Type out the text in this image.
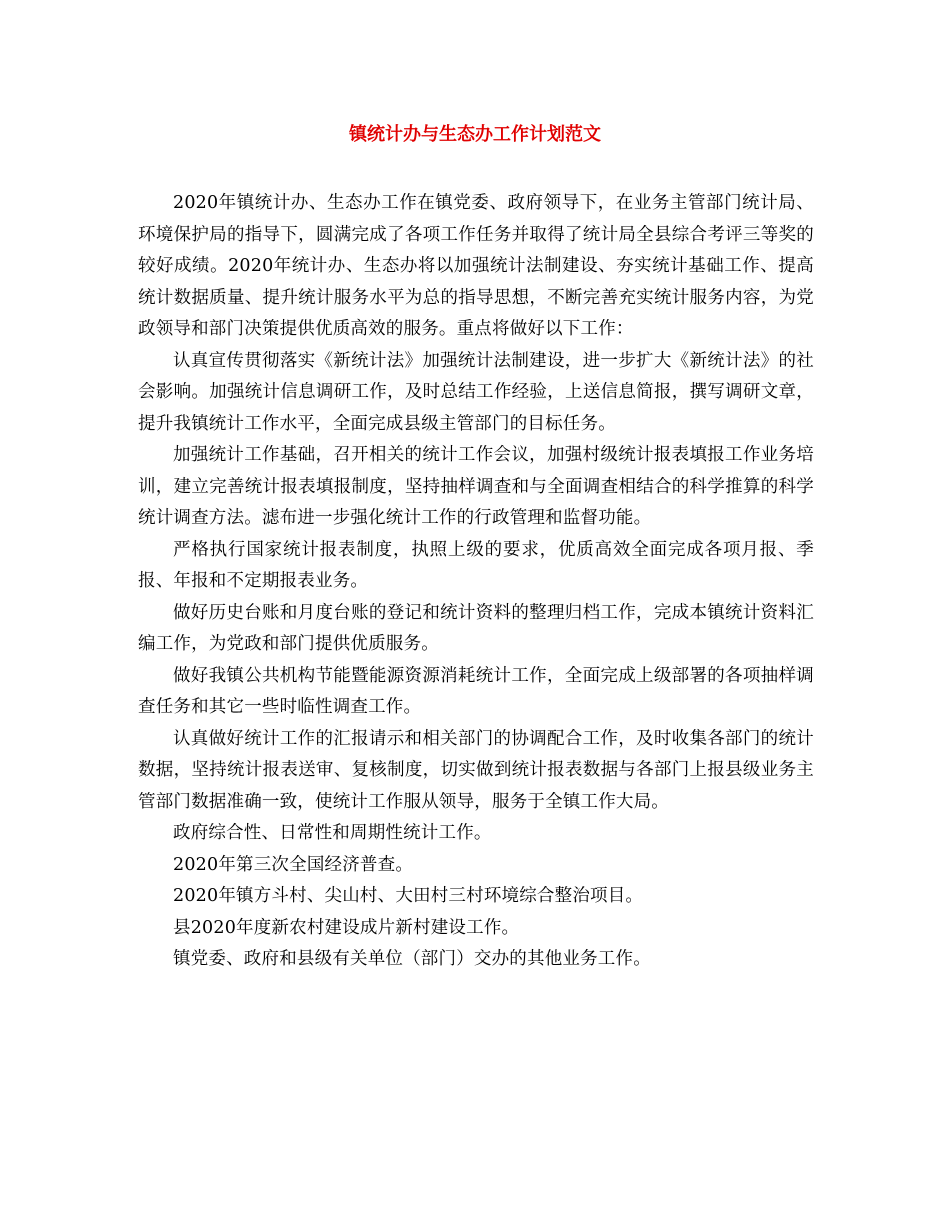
镇统计办与生态办工作计划范文

2020年镇统计办、生态办工作在镇党委、政府领导下，在业务主管部门统计局、环境保护局的指导下，圆满完成了各项工作任务并取得了统计局全县综合考评三等奖的较好成绩。2020年统计办、生态办将以加强统计法制建设、夯实统计基础工作、提高统计数据质量、提升统计服务水平为总的指导思想，不断完善充实统计服务内容，为党政领导和部门决策提供优质高效的服务。重点将做好以下工作：

认真宣传贯彻落实《新统计法》加强统计法制建设，进一步扩大《新统计法》的社会影响。加强统计信息调研工作，及时总结工作经验，上送信息简报，撰写调研文章，提升我镇统计工作水平，全面完成县级主管部门的目标任务。

加强统计工作基础，召开相关的统计工作会议，加强村级统计报表填报工作业务培训，建立完善统计报表填报制度，坚持抽样调查和与全面调查相结合的科学推算的科学统计调查方法。滤布进一步强化统计工作的行政管理和监督功能。

严格执行国家统计报表制度，执照上级的要求，优质高效全面完成各项月报、季报、年报和不定期报表业务。

做好历史台账和月度台账的登记和统计资料的整理归档工作，完成本镇统计资料汇编工作，为党政和部门提供优质服务。

做好我镇公共机构节能暨能源资源消耗统计工作，全面完成上级部署的各项抽样调查任务和其它一些时临性调查工作。

认真做好统计工作的汇报请示和相关部门的协调配合工作，及时收集各部门的统计数据，坚持统计报表送审、复核制度，切实做到统计报表数据与各部门上报县级业务主管部门数据准确一致，使统计工作服从领导，服务于全镇工作大局。

政府综合性、日常性和周期性统计工作。

2020年第三次全国经济普查。

2020年镇方斗村、尖山村、大田村三村环境综合整治项目。

县2020年度新农村建设成片新村建设工作。

镇党委、政府和县级有关单位（部门）交办的其他业务工作。
